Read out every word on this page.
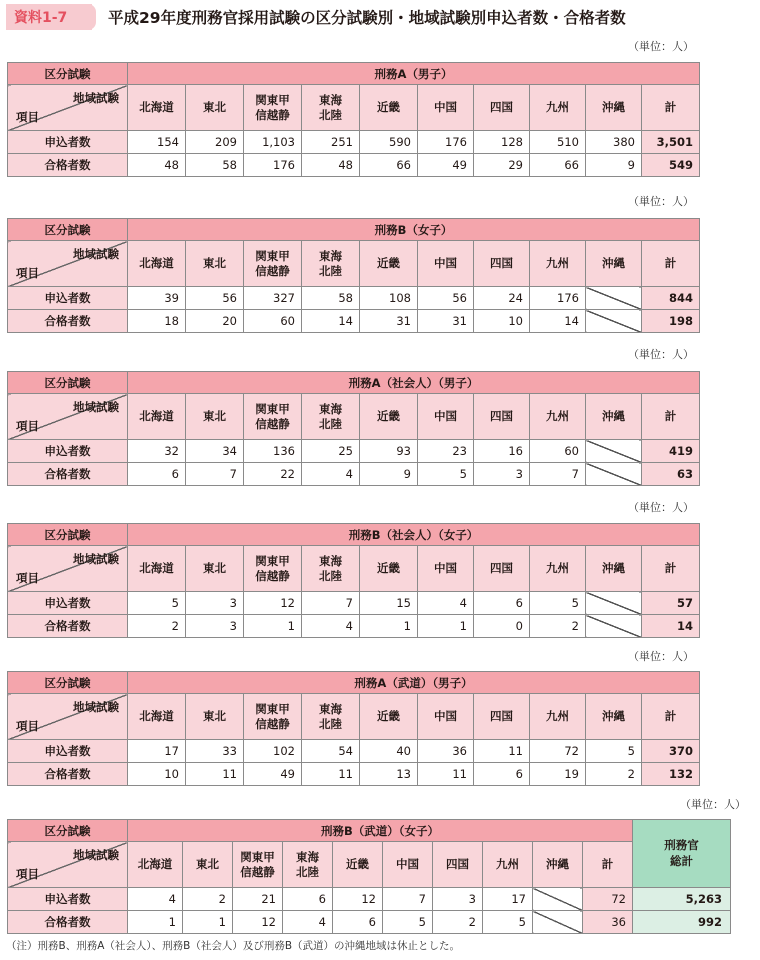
資料1-7	平成29年度刑務官採用試験の区分試験別・地域試験別申込者数・合格者数
（単位：人）
区分試験	刑務A（男子）									

地域試験
項目	北海道	東北	関東甲
信越静	東海
北陸	近畿	中国	四国	九州	沖縄	計
申込者数	154	209	1,103	251	590	176	128	510	380	3,501
合格者数	48	58	176	48	66	49	29	66	9	549
（単位：人）
区分試験	刑務B（女子）									

地域試験
項目	北海道	東北	関東甲
信越静	東海
北陸	近畿	中国	四国	九州	沖縄	計
申込者数	39	56	327	58	108	56	24	176		844
合格者数	18	20	60	14	31	31	10	14		198
（単位：人）
区分試験	刑務A（社会人）（男子）									

地域試験
項目	北海道	東北	関東甲
信越静	東海
北陸	近畿	中国	四国	九州	沖縄	計
申込者数	32	34	136	25	93	23	16	60		419
合格者数	6	7	22	4	9	5	3	7		63
（単位：人）
区分試験	刑務B（社会人）（女子）									

地域試験
項目	北海道	東北	関東甲
信越静	東海
北陸	近畿	中国	四国	九州	沖縄	計
申込者数	5	3	12	7	15	4	6	5		57
合格者数	2	3	1	4	1	1	0	2		14
（単位：人）
区分試験	刑務A（武道）（男子）									

地域試験
項目	北海道	東北	関東甲
信越静	東海
北陸	近畿	中国	四国	九州	沖縄	計
申込者数	17	33	102	54	40	36	11	72	5	370
合格者数	10	11	49	11	13	11	6	19	2	132
（単位：人）
区分試験	刑務B（武道）（女子）										刑務官
総計

地域試験
項目	北海道	東北	関東甲
信越静	東海
北陸	近畿	中国	四国	九州	沖縄	計	
申込者数	4	2	21	6	12	7	3	17		72	5,263
合格者数	1	1	12	4	6	5	2	5		36	992
（注）刑務B、刑務A（社会人）、刑務B（社会人）及び刑務B（武道）の沖縄地域は休止とした。
